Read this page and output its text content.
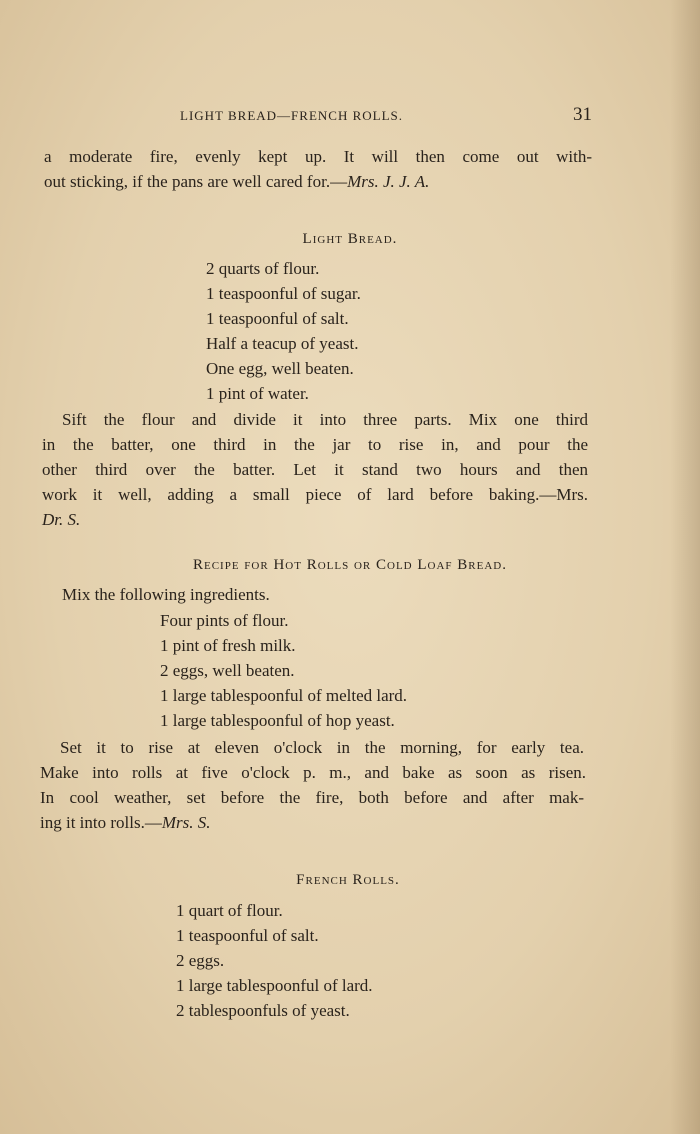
LIGHT BREAD—FRENCH ROLLS.	31
a moderate fire, evenly kept up. It will then come out with-
out sticking, if the pans are well cared for.—Mrs. J. J. A.
Light Bread.
2 quarts of flour.
1 teaspoonful of sugar.
1 teaspoonful of salt.
Half a teacup of yeast.
One egg, well beaten.
1 pint of water.
Sift the flour and divide it into three parts. Mix one third
in the batter, one third in the jar to rise in, and pour the
other third over the batter. Let it stand two hours and then
work it well, adding a small piece of lard before baking.—Mrs.
Dr. S.
Recipe for Hot Rolls or Cold Loaf Bread.
Mix the following ingredients.
Four pints of flour.
1 pint of fresh milk.
2 eggs, well beaten.
1 large tablespoonful of melted lard.
1 large tablespoonful of hop yeast.
Set it to rise at eleven o'clock in the morning, for early tea.
Make into rolls at five o'clock p. m., and bake as soon as risen.
In cool weather, set before the fire, both before and after mak-
ing it into rolls.—Mrs. S.
French Rolls.
1 quart of flour.
1 teaspoonful of salt.
2 eggs.
1 large tablespoonful of lard.
2 tablespoonfuls of yeast.
